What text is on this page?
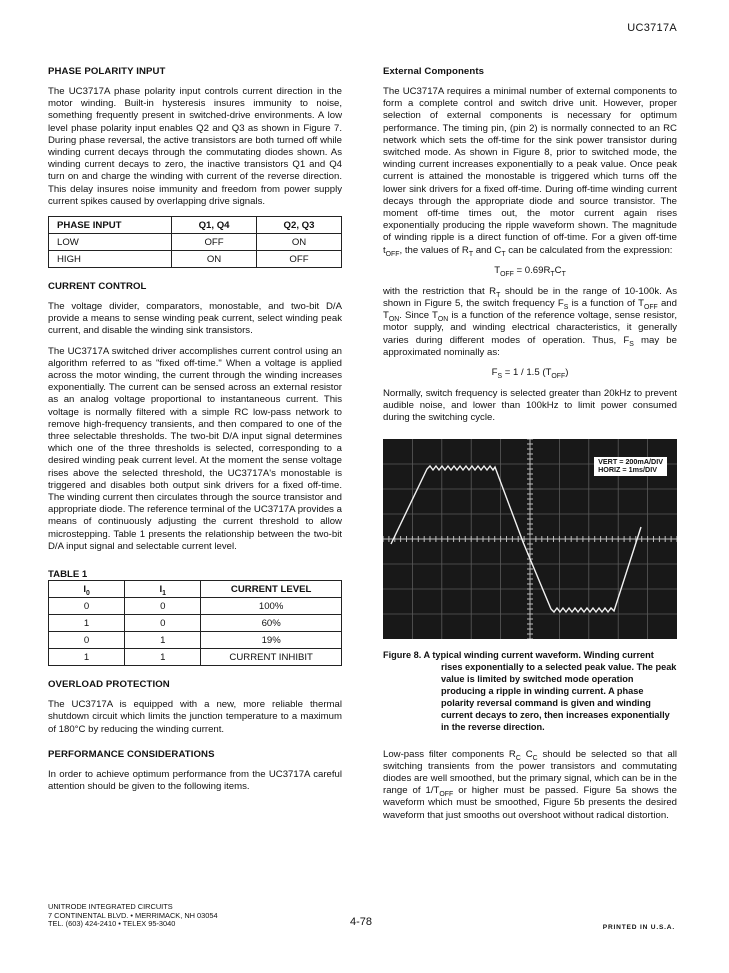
UC3717A
PHASE POLARITY INPUT

The UC3717A phase polarity input controls current direction in the motor winding. Built-in hysteresis insures immunity to noise, something frequently present in switched-drive environments. A low level phase polarity input enables Q2 and Q3 as shown in Figure 7. During phase reversal, the active transistors are both turned off while winding current decays through the commutating diodes shown. As winding current decays to zero, the inactive transistors Q1 and Q4 turn on and charge the winding with current of the reverse direction. This delay insures noise immunity and freedom from power supply current spikes caused by overlapping drive signals.

PHASE INPUT	Q1, Q4	Q2, Q3
LOW	OFF	ON
HIGH	ON	OFF
CURRENT CONTROL

The voltage divider, comparators, monostable, and two-bit D/A provide a means to sense winding peak current, select winding peak current, and disable the winding sink transistors.

The UC3717A switched driver accomplishes current control using an algorithm referred to as "fixed off-time." When a voltage is applied across the motor winding, the current through the winding increases exponentially. The current can be sensed across an external resistor as an analog voltage proportional to instantaneous current. This voltage is normally filtered with a simple RC low-pass network to remove high-frequency transients, and then compared to one of the three selectable thresholds. The two-bit D/A input signal determines which one of the three thresholds is selected, corresponding to a desired winding peak current level. At the moment the sense voltage rises above the selected threshold, the UC3717A's monostable is triggered and disables both output sink drivers for a fixed off-time. The winding current then circulates through the source transistor and appropriate diode. The reference terminal of the UC3717A provides a means of continuously adjusting the current threshold to allow microstepping. Table 1 presents the relationship between the two-bit D/A input signal and selectable current level.

TABLE 1
$I_0$	$I_1$	CURRENT LEVEL
0	0	100%
1	0	60%
0	1	19%
1	1	CURRENT INHIBIT
OVERLOAD PROTECTION

The UC3717A is equipped with a new, more reliable thermal shutdown circuit which limits the junction temperature to a maximum of 180°C by reducing the winding current.

PERFORMANCE CONSIDERATIONS

In order to achieve optimum performance from the UC3717A careful attention should be given to the following items.

External Components

The UC3717A requires a minimal number of external components to form a complete control and switch drive unit. However, proper selection of external components is necessary for optimum performance. The timing pin, (pin 2) is normally connected to an RC network which sets the off-time for the sink power transistor during switched mode. As shown in Figure 8, prior to switched mode, the winding current increases exponentially to a peak value. Once peak current is attained the monostable is triggered which turns off the lower sink drivers for a fixed off-time. During off-time winding current decays through the appropriate diode and source transistor. The moment off-time times out, the motor current again rises exponentially producing the ripple waveform shown. The magnitude of winding ripple is a direct function of off-time. For a given off-time $t_{OFF}$, the values of $R_T$ and $C_T$ can be calculated from the expression:

$T_{OFF} = 0.69R_TC_T$

with the restriction that $R_T$ should be in the range of 10-100k. As shown in Figure 5, the switch frequency $F_S$ is a function of $T_{OFF}$ and $T_{ON}$. Since $T_{ON}$ is a function of the reference voltage, sense resistor, motor supply, and winding electrical characteristics, it generally varies during different modes of operation. Thus, $F_S$ may be approximated nominally as:

$F_S = 1 / 1.5$ $(T_{OFF})$

Normally, switch frequency is selected greater than 20kHz to prevent audible noise, and lower than 100kHz to limit power consumed during the switching cycle.

VERT = 200mA/DIV
HORIZ = 1ms/DIV
Figure 8. A typical winding current waveform. Winding current rises exponentially to a selected peak value. The peak value is limited by switched mode operation producing a ripple in winding current. A phase polarity reversal command is given and winding current decays to zero, then increases exponentially in the reverse direction.

Low-pass filter components $R_C$ $C_C$ should be selected so that all switching transients from the power transistors and commutating diodes are well smoothed, but the primary signal, which can be in the range of $1/T_{OFF}$ or higher must be passed. Figure 5a shows the waveform which must be smoothed, Figure 5b presents the desired waveform that just smooths out overshoot without radical distortion.

UNITRODE INTEGRATED CIRCUITS
7 CONTINENTAL BLVD. • MERRIMACK, NH 03054
TEL. (603) 424-2410 • TELEX 95-3040	4-78	PRINTED IN U.S.A.
